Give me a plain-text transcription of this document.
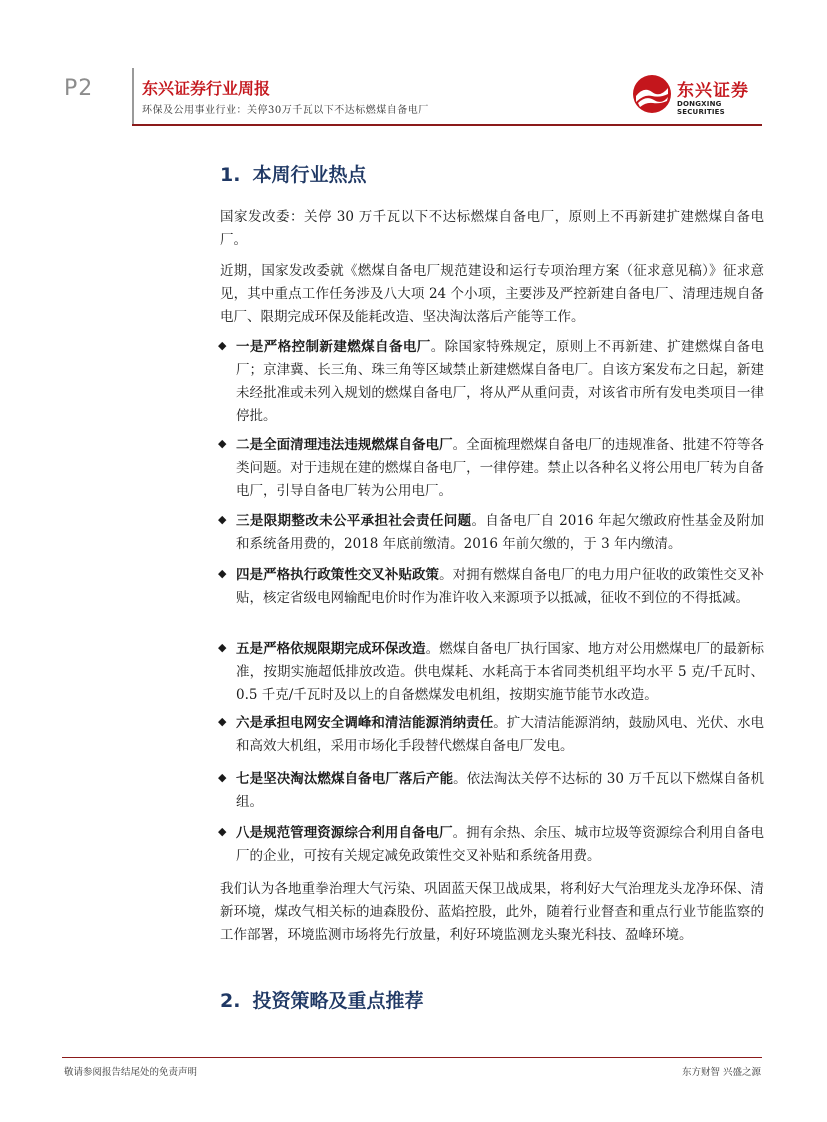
P2	东兴证券行业周报
环保及公用事业行业：关停30万千瓦以下不达标燃煤自备电厂
东兴证券
DONGXING SECURITIES
1. 本周行业热点

国家发改委：关停 30 万千瓦以下不达标燃煤自备电厂，原则上不再新建扩建燃煤自备电厂。

近期，国家发改委就《燃煤自备电厂规范建设和运行专项治理方案（征求意见稿）》征求意见，其中重点工作任务涉及八大项 24 个小项，主要涉及严控新建自备电厂、清理违规自备电厂、限期完成环保及能耗改造、坚决淘汰落后产能等工作。

◆ 一是严格控制新建燃煤自备电厂。除国家特殊规定，原则上不再新建、扩建燃煤自备电厂；京津冀、长三角、珠三角等区域禁止新建燃煤自备电厂。自该方案发布之日起，新建未经批准或未列入规划的燃煤自备电厂，将从严从重问责，对该省市所有发电类项目一律停批。

◆ 二是全面清理违法违规燃煤自备电厂。全面梳理燃煤自备电厂的违规准备、批建不符等各类问题。对于违规在建的燃煤自备电厂，一律停建。禁止以各种名义将公用电厂转为自备电厂，引导自备电厂转为公用电厂。

◆ 三是限期整改未公平承担社会责任问题。自备电厂自 2016 年起欠缴政府性基金及附加和系统备用费的，2018 年底前缴清。2016 年前欠缴的，于 3 年内缴清。

◆ 四是严格执行政策性交叉补贴政策。对拥有燃煤自备电厂的电力用户征收的政策性交叉补贴，核定省级电网输配电价时作为准许收入来源项予以抵减，征收不到位的不得抵减。

◆ 五是严格依规限期完成环保改造。燃煤自备电厂执行国家、地方对公用燃煤电厂的最新标准，按期实施超低排放改造。供电煤耗、水耗高于本省同类机组平均水平 5 克/千瓦时、0.5 千克/千瓦时及以上的自备燃煤发电机组，按期实施节能节水改造。

◆ 六是承担电网安全调峰和清洁能源消纳责任。扩大清洁能源消纳，鼓励风电、光伏、水电和高效大机组，采用市场化手段替代燃煤自备电厂发电。

◆ 七是坚决淘汰燃煤自备电厂落后产能。依法淘汰关停不达标的 30 万千瓦以下燃煤自备机组。

◆ 八是规范管理资源综合利用自备电厂。拥有余热、余压、城市垃圾等资源综合利用自备电厂的企业，可按有关规定减免政策性交叉补贴和系统备用费。

我们认为各地重拳治理大气污染、巩固蓝天保卫战成果，将利好大气治理龙头龙净环保、清新环境，煤改气相关标的迪森股份、蓝焰控股，此外，随着行业督查和重点行业节能监察的工作部署，环境监测市场将先行放量，利好环境监测龙头聚光科技、盈峰环境。

2. 投资策略及重点推荐
敬请参阅报告结尾处的免责声明	东方财智 兴盛之源
